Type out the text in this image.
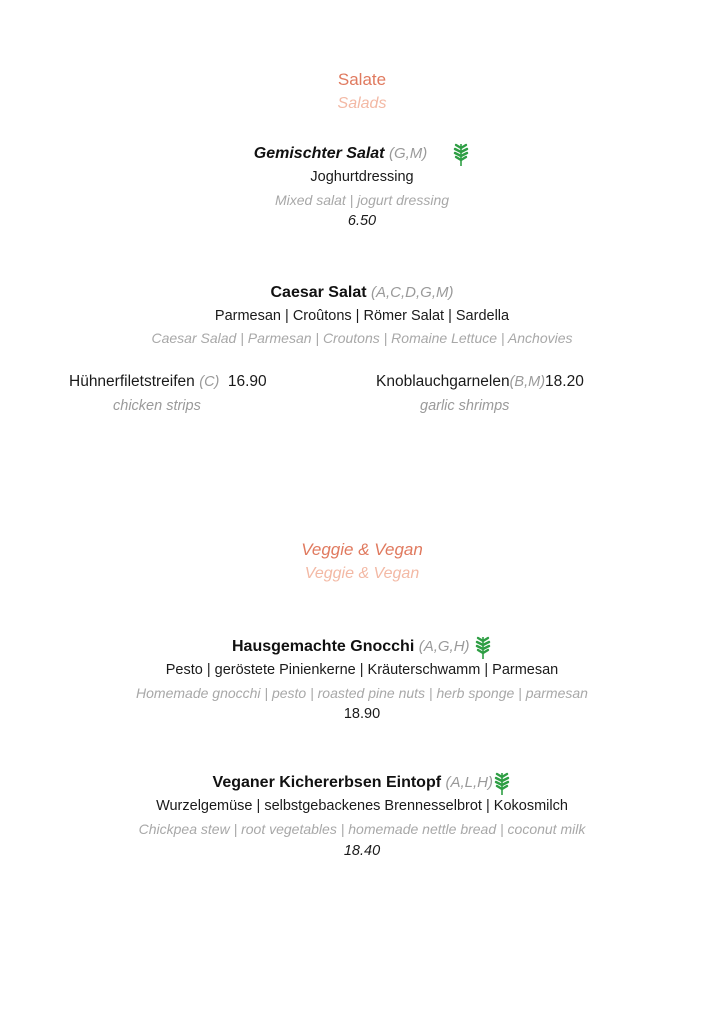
Salate
Salads
Gemischter Salat (G,M)
Joghurtdressing
Mixed salat | jogurt dressing
6.50
Caesar Salat (A,C,D,G,M)
Parmesan | Croûtons | Römer Salat | Sardella
Caesar Salad | Parmesan | Croutons | Romaine Lettuce | Anchovies
Hühnerfiletstreifen (C) 16.90
chicken strips
Knoblauchgarnelen(B,M)18.20
garlic shrimps
Veggie & Vegan
Veggie & Vegan
Hausgemachte Gnocchi (A,G,H)
Pesto | geröstete Pinienkerne | Kräuterschwamm | Parmesan
Homemade gnocchi | pesto | roasted pine nuts | herb sponge | parmesan
18.90
Veganer Kichererbsen Eintopf (A,L,H)
Wurzelgemüse | selbstgebackenes Brennesselbrot | Kokosmilch
Chickpea stew | root vegetables | homemade nettle bread | coconut milk
18.40
